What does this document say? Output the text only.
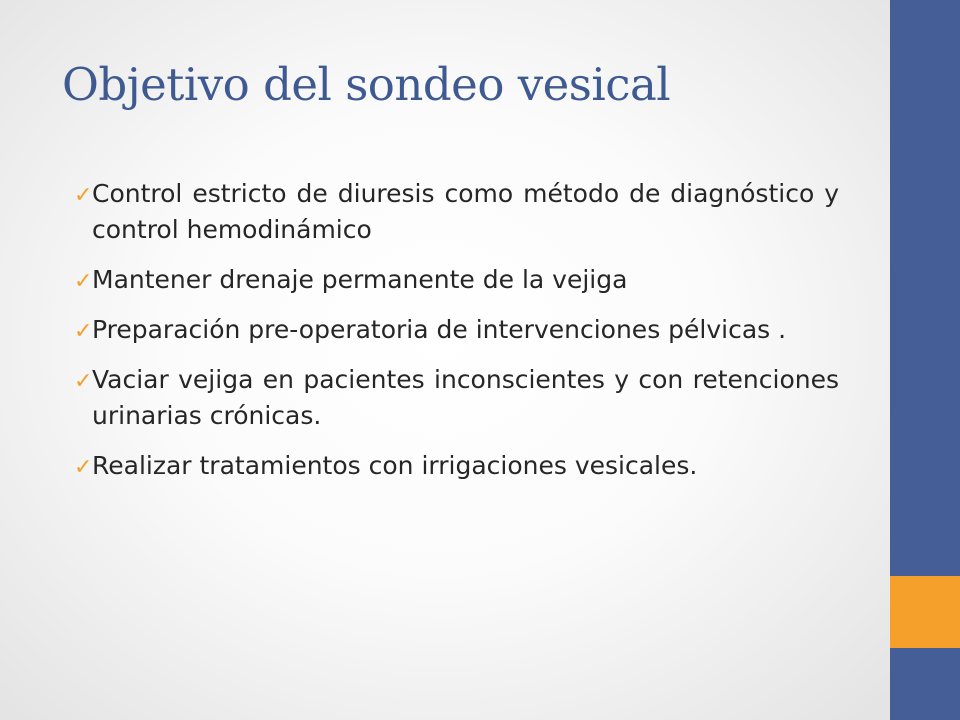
Objetivo del sondeo vesical
✓ Control estricto de diuresis como método de diagnóstico y control hemodinámico
✓ Mantener drenaje permanente de la vejiga
✓ Preparación pre-operatoria de intervenciones pélvicas .
✓ Vaciar vejiga en pacientes inconscientes y con retenciones urinarias crónicas.
✓ Realizar tratamientos con irrigaciones vesicales.
